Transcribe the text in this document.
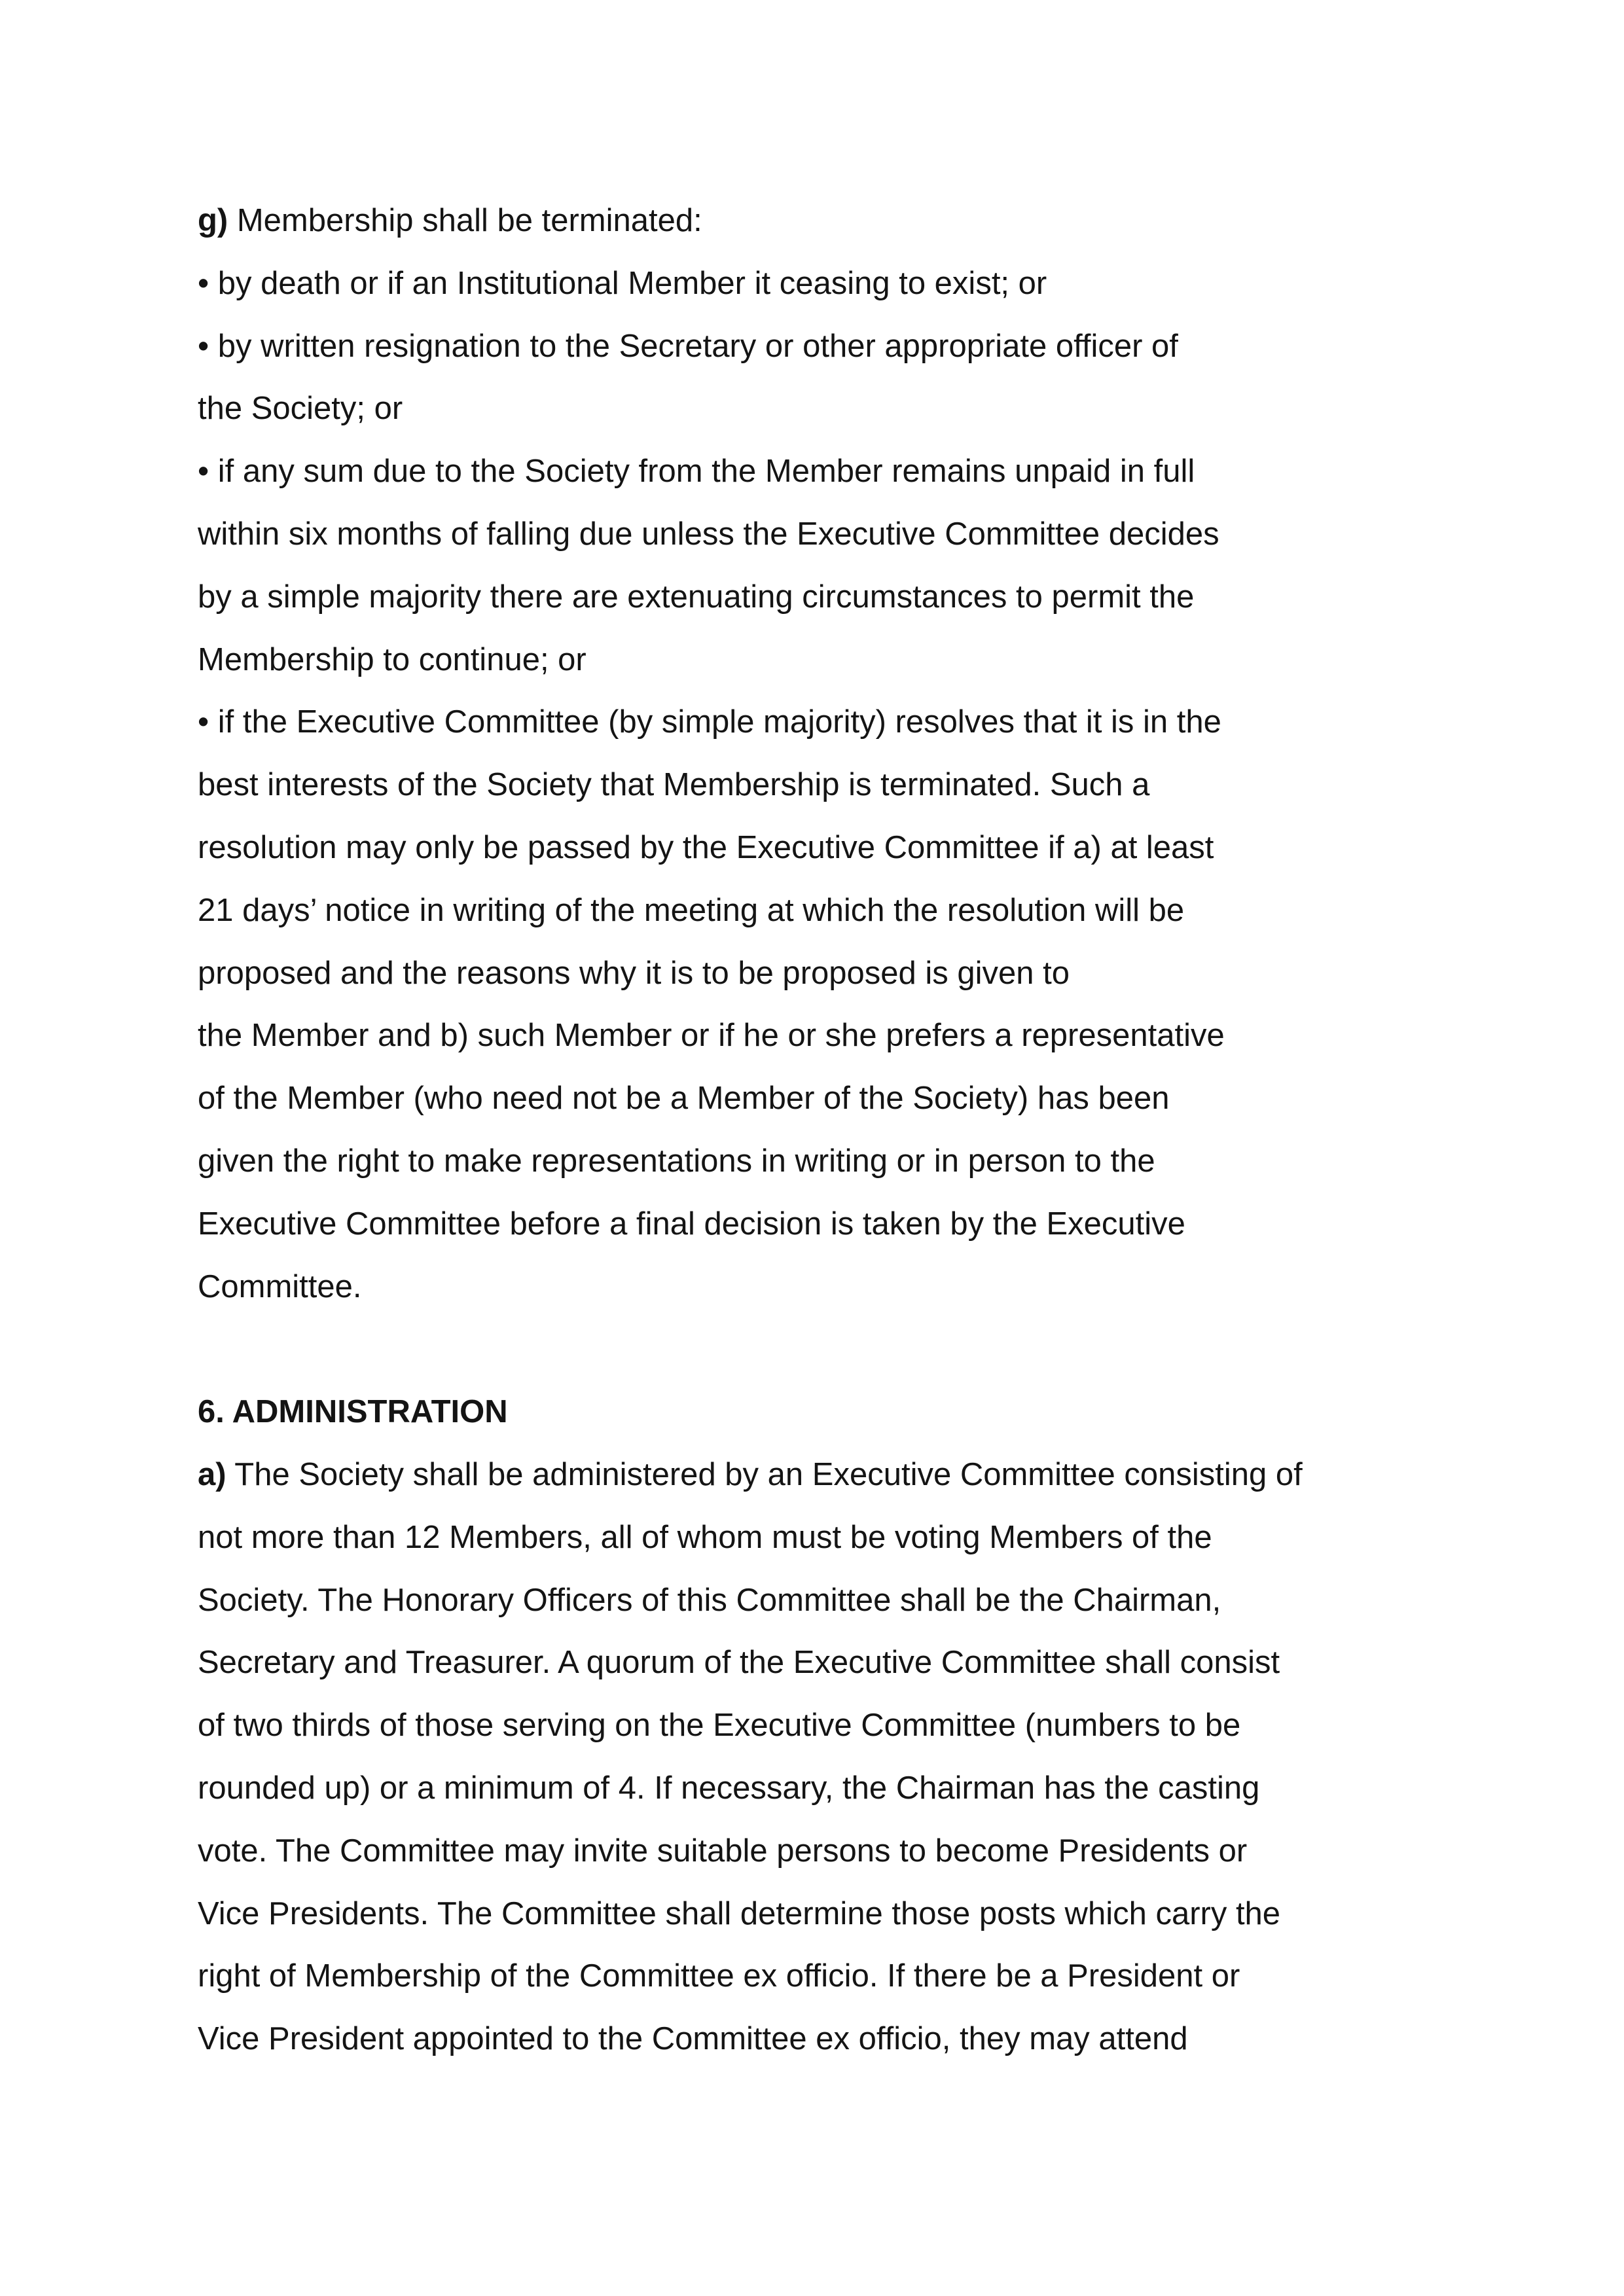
g) Membership shall be terminated:
• by death or if an Institutional Member it ceasing to exist; or
• by written resignation to the Secretary or other appropriate officer of
the Society; or
• if any sum due to the Society from the Member remains unpaid in full
within six months of falling due unless the Executive Committee decides
by a simple majority there are extenuating circumstances to permit the
Membership to continue; or
• if the Executive Committee (by simple majority) resolves that it is in the
best interests of the Society that Membership is terminated. Such a
resolution may only be passed by the Executive Committee if a) at least
21 days’ notice in writing of the meeting at which the resolution will be
proposed and the reasons why it is to be proposed is given to
the Member and b) such Member or if he or she prefers a representative
of the Member (who need not be a Member of the Society) has been
given the right to make representations in writing or in person to the
Executive Committee before a final decision is taken by the Executive
Committee.
6. ADMINISTRATION
a) The Society shall be administered by an Executive Committee consisting of
not more than 12 Members, all of whom must be voting Members of the
Society. The Honorary Officers of this Committee shall be the Chairman,
Secretary and Treasurer. A quorum of the Executive Committee shall consist
of two thirds of those serving on the Executive Committee (numbers to be
rounded up) or a minimum of 4. If necessary, the Chairman has the casting
vote. The Committee may invite suitable persons to become Presidents or
Vice Presidents. The Committee shall determine those posts which carry the
right of Membership of the Committee ex officio. If there be a President or
Vice President appointed to the Committee ex officio, they may attend
